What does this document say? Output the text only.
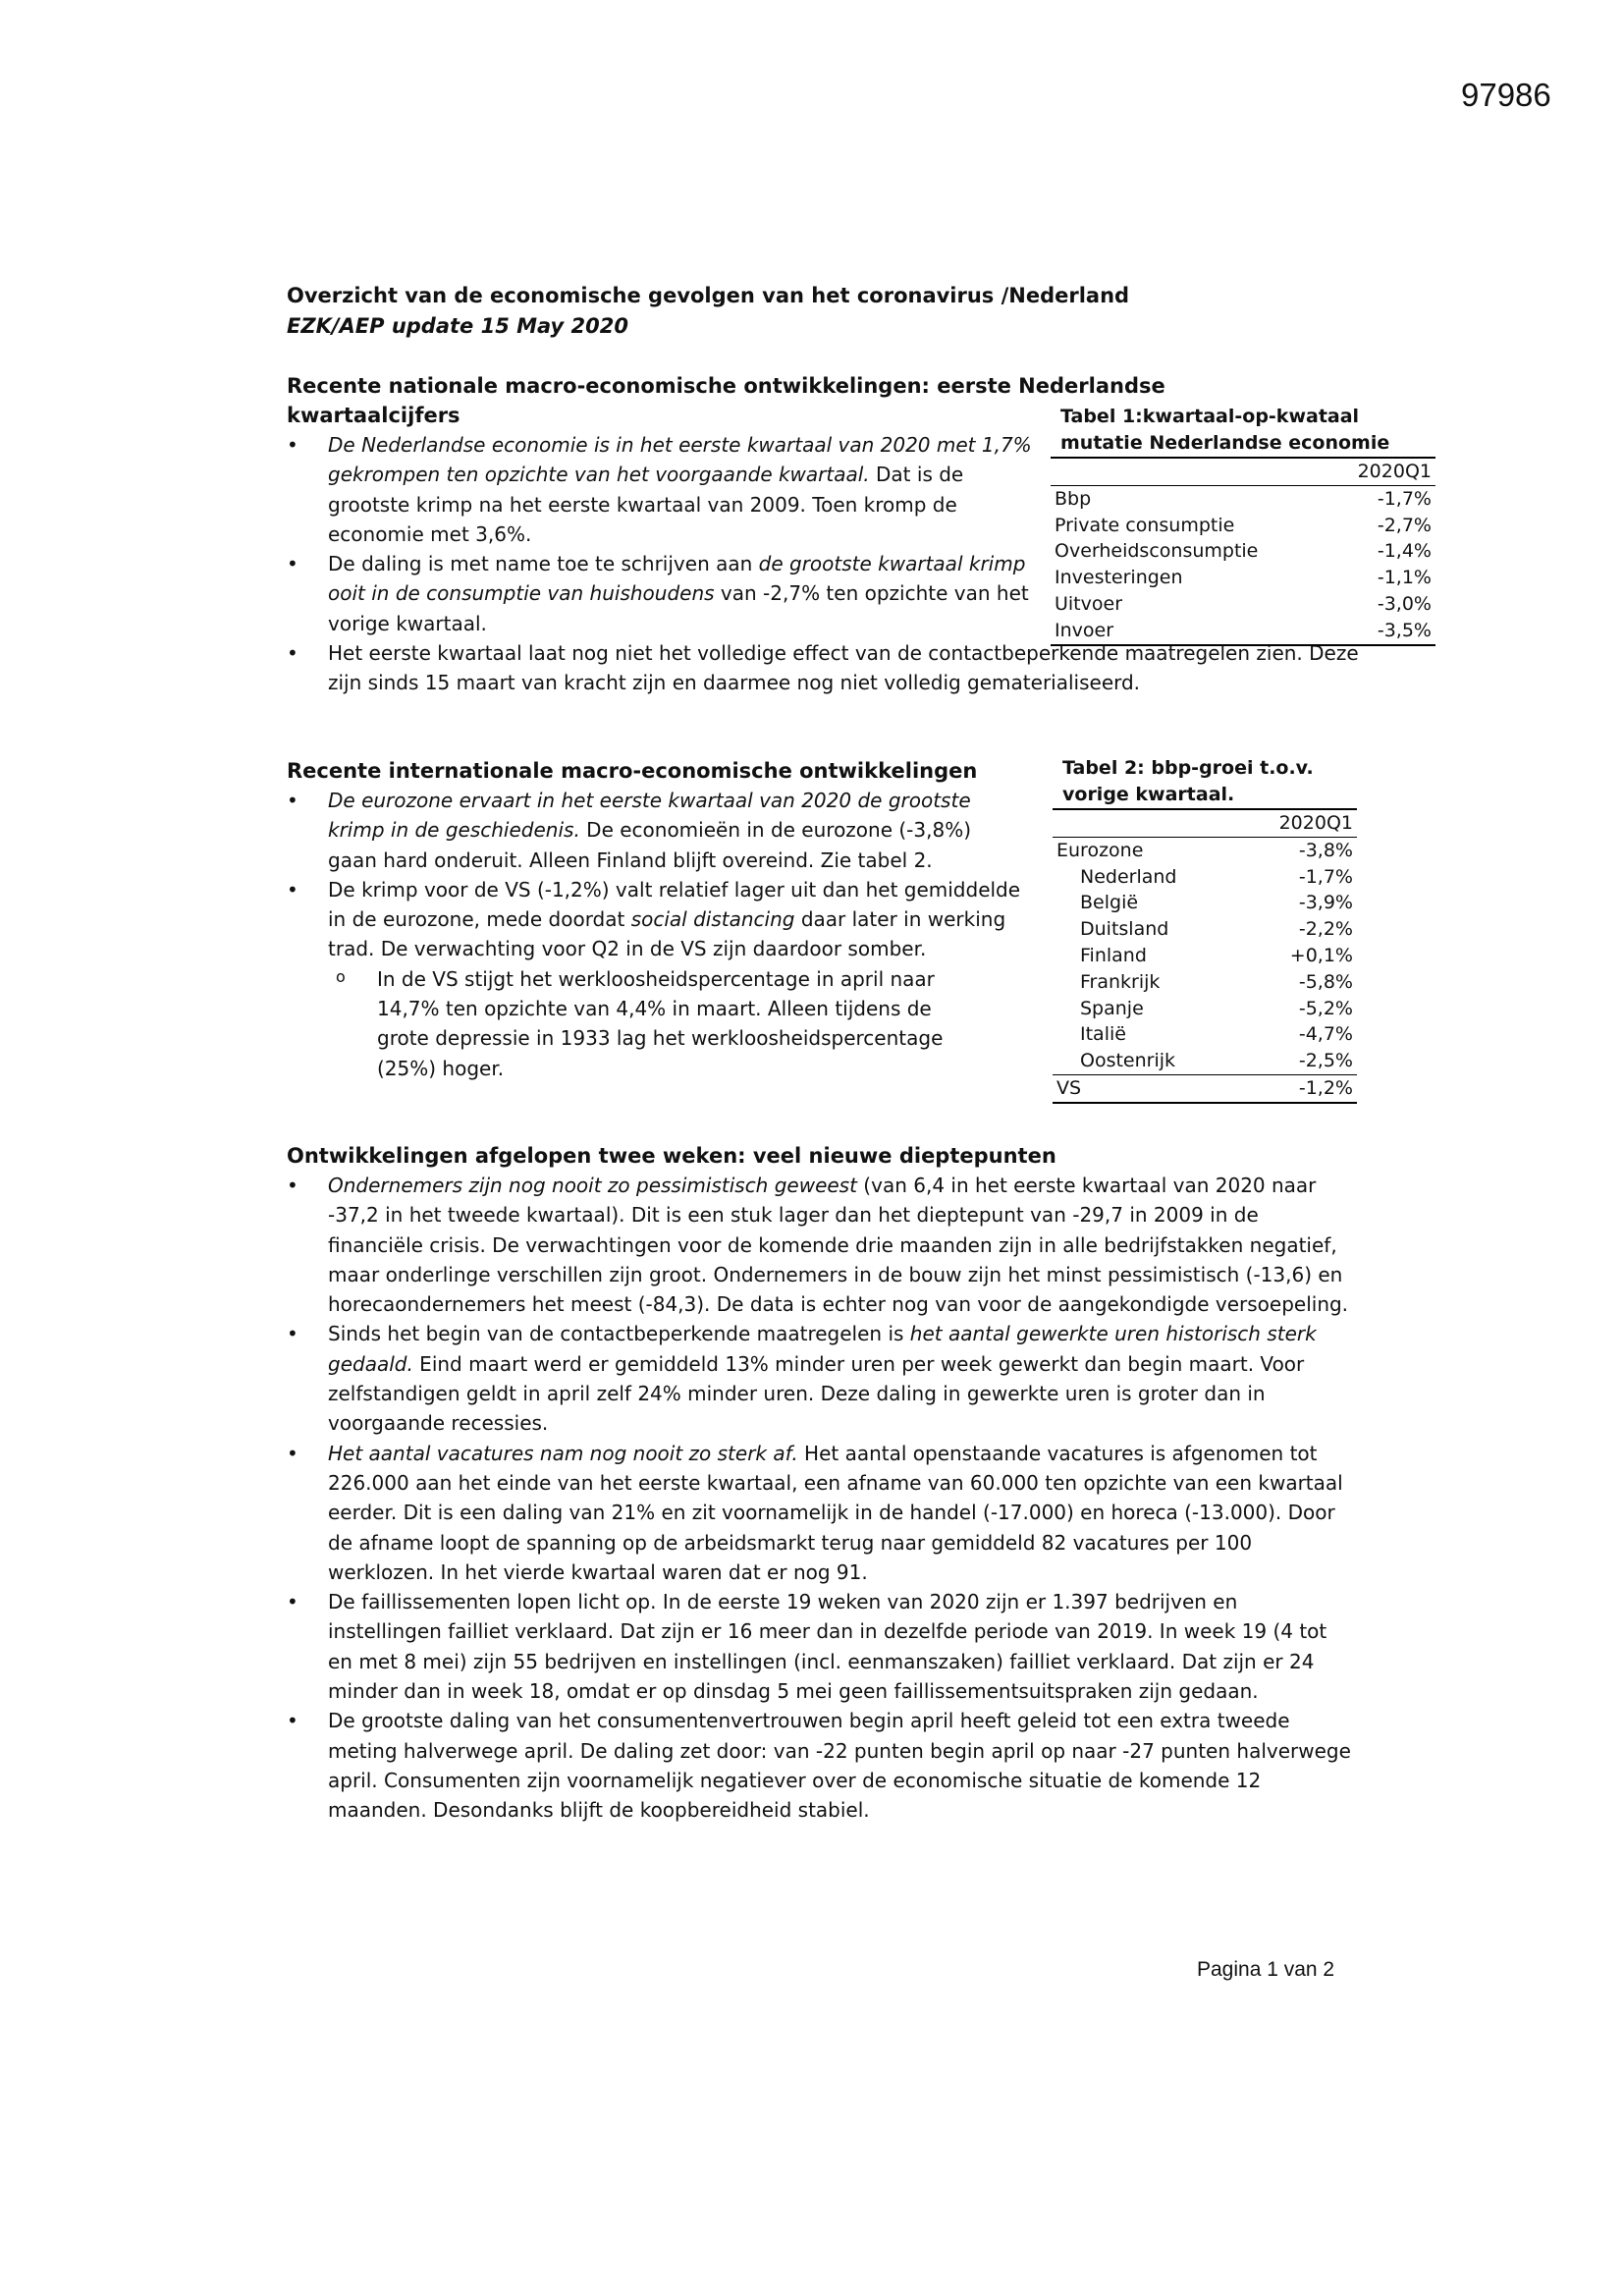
97986
Overzicht van de economische gevolgen van het coronavirus /Nederland
EZK/AEP update 15 May 2020
Recente nationale macro-economische ontwikkelingen: eerste Nederlandse kwartaalcijfers
• De Nederlandse economie is in het eerste kwartaal van 2020 met 1,7% gekrompen ten opzichte van het voorgaande kwartaal. Dat is de grootste krimp na het eerste kwartaal van 2009. Toen kromp de economie met 3,6%.
• De daling is met name toe te schrijven aan de grootste kwartaal krimp ooit in de consumptie van huishoudens van -2,7% ten opzichte van het vorige kwartaal.
• Het eerste kwartaal laat nog niet het volledige effect van de contactbeperkende maatregelen zien. Deze zijn sinds 15 maart van kracht zijn en daarmee nog niet volledig gematerialiseerd.
Tabel 1:kwartaal-op-kwataal mutatie Nederlandse economie
	2020Q1
Bbp	-1,7%
Private consumptie	-2,7%
Overheidsconsumptie	-1,4%
Investeringen	-1,1%
Uitvoer	-3,0%
Invoer	-3,5%
Recente internationale macro-economische ontwikkelingen
• De eurozone ervaart in het eerste kwartaal van 2020 de grootste krimp in de geschiedenis. De economieën in de eurozone (-3,8%) gaan hard onderuit. Alleen Finland blijft overeind. Zie tabel 2.
• De krimp voor de VS (-1,2%) valt relatief lager uit dan het gemiddelde in de eurozone, mede doordat social distancing daar later in werking trad. De verwachting voor Q2 in de VS zijn daardoor somber.
o In de VS stijgt het werkloosheidspercentage in april naar 14,7% ten opzichte van 4,4% in maart. Alleen tijdens de grote depressie in 1933 lag het werkloosheidspercentage (25%) hoger.
Tabel 2: bbp-groei t.o.v. vorige kwartaal.
	2020Q1
Eurozone	-3,8%
Nederland	-1,7%
België	-3,9%
Duitsland	-2,2%
Finland	+0,1%
Frankrijk	-5,8%
Spanje	-5,2%
Italië	-4,7%
Oostenrijk	-2,5%
VS	-1,2%
Ontwikkelingen afgelopen twee weken: veel nieuwe dieptepunten
• Ondernemers zijn nog nooit zo pessimistisch geweest (van 6,4 in het eerste kwartaal van 2020 naar -37,2 in het tweede kwartaal). Dit is een stuk lager dan het dieptepunt van -29,7 in 2009 in de financiële crisis. De verwachtingen voor de komende drie maanden zijn in alle bedrijfstakken negatief, maar onderlinge verschillen zijn groot. Ondernemers in de bouw zijn het minst pessimistisch (-13,6) en horecaondernemers het meest (-84,3). De data is echter nog van voor de aangekondigde versoepeling.
• Sinds het begin van de contactbeperkende maatregelen is het aantal gewerkte uren historisch sterk gedaald. Eind maart werd er gemiddeld 13% minder uren per week gewerkt dan begin maart. Voor zelfstandigen geldt in april zelf 24% minder uren. Deze daling in gewerkte uren is groter dan in voorgaande recessies.
• Het aantal vacatures nam nog nooit zo sterk af. Het aantal openstaande vacatures is afgenomen tot 226.000 aan het einde van het eerste kwartaal, een afname van 60.000 ten opzichte van een kwartaal eerder. Dit is een daling van 21% en zit voornamelijk in de handel (-17.000) en horeca (-13.000). Door de afname loopt de spanning op de arbeidsmarkt terug naar gemiddeld 82 vacatures per 100 werklozen. In het vierde kwartaal waren dat er nog 91.
• De faillissementen lopen licht op. In de eerste 19 weken van 2020 zijn er 1.397 bedrijven en instellingen failliet verklaard. Dat zijn er 16 meer dan in dezelfde periode van 2019. In week 19 (4 tot en met 8 mei) zijn 55 bedrijven en instellingen (incl. eenmanszaken) failliet verklaard. Dat zijn er 24 minder dan in week 18, omdat er op dinsdag 5 mei geen faillissementsuitspraken zijn gedaan.
• De grootste daling van het consumentenvertrouwen begin april heeft geleid tot een extra tweede meting halverwege april. De daling zet door: van -22 punten begin april op naar -27 punten halverwege april. Consumenten zijn voornamelijk negatiever over de economische situatie de komende 12 maanden. Desondanks blijft de koopbereidheid stabiel.
Pagina 1 van 2
